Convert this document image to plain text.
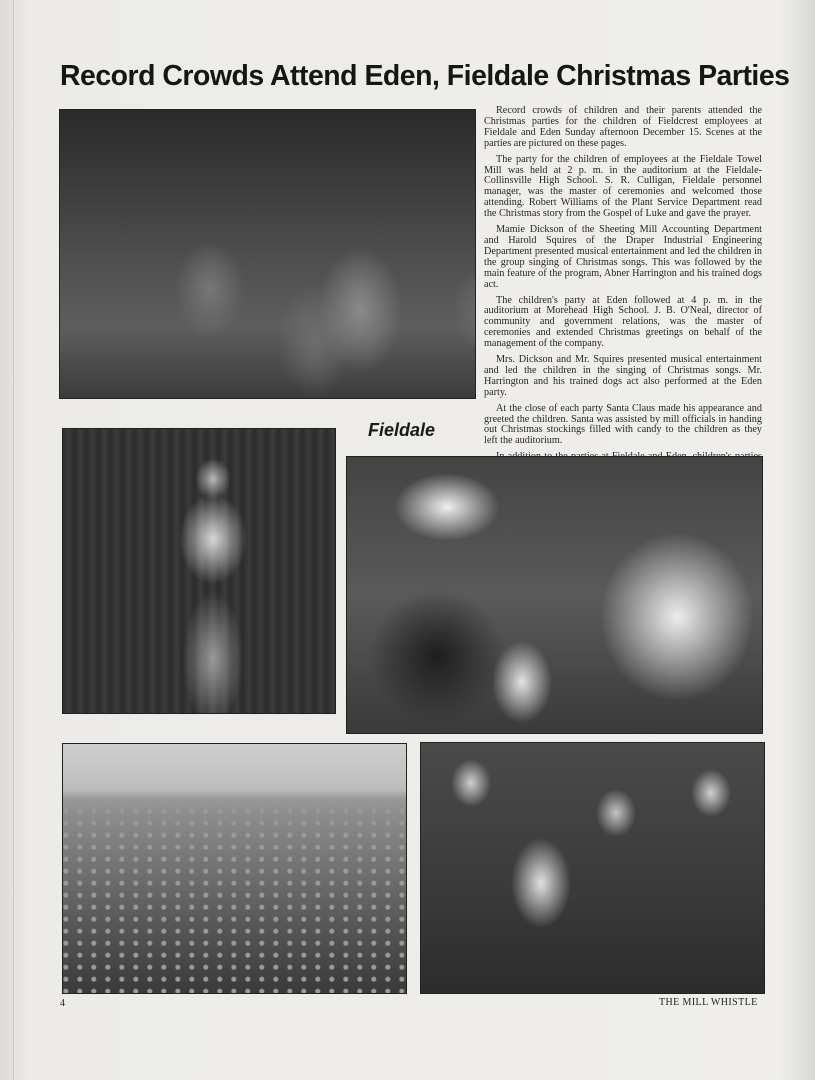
Record Crowds Attend Eden, Fieldale Christmas Parties

Record crowds of children and their parents attended the Christmas parties for the children of Fieldcrest employees at Fieldale and Eden Sunday afternoon December 15. Scenes at the parties are pictured on these pages.

The party for the children of employees at the Fieldale Towel Mill was held at 2 p. m. in the auditorium at the Fieldale-Collinsville High School. S. R. Culligan, Fieldale personnel manager, was the master of ceremonies and welcomed those attending. Robert Williams of the Plant Service Department read the Christmas story from the Gospel of Luke and gave the prayer.

Mamie Dickson of the Sheeting Mill Accounting Department and Harold Squires of the Draper Industrial Engineering Department presented musical entertainment and led the children in the group singing of Christmas songs. This was followed by the main feature of the program, Abner Harrington and his trained dogs act.

The children's party at Eden followed at 4 p. m. in the auditorium at Morehead High School. J. B. O'Neal, director of community and government relations, was the master of ceremonies and extended Christmas greetings on behalf of the management of the company.

Mrs. Dickson and Mr. Squires presented musical entertainment and led the children in the singing of Christmas songs. Mr. Harrington and his trained dogs act also performed at the Eden party.

At the close of each party Santa Claus made his appearance and greeted the children. Santa was assisted by mill officials in handing out Christmas stockings filled with candy to the children as they left the auditorium.

Fieldale
4	THE MILL WHISTLE
